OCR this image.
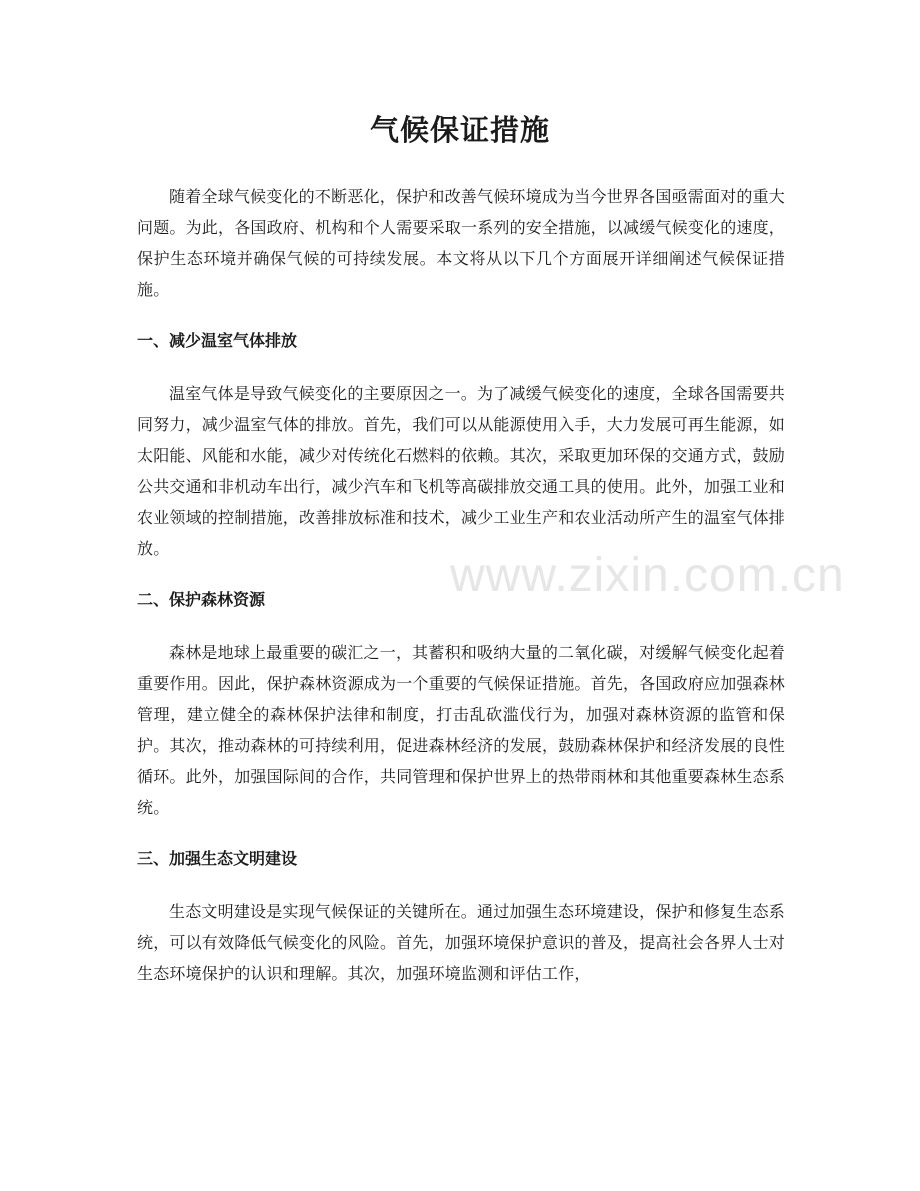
气候保证措施

随着全球气候变化的不断恶化，保护和改善气候环境成为当今世界各国亟需面对的重大问题。为此，各国政府、机构和个人需要采取一系列的安全措施，以减缓气候变化的速度，保护生态环境并确保气候的可持续发展。本文将从以下几个方面展开详细阐述气候保证措施。

一、减少温室气体排放

温室气体是导致气候变化的主要原因之一。为了减缓气候变化的速度，全球各国需要共同努力，减少温室气体的排放。首先，我们可以从能源使用入手，大力发展可再生能源，如太阳能、风能和水能，减少对传统化石燃料的依赖。其次，采取更加环保的交通方式，鼓励公共交通和非机动车出行，减少汽车和飞机等高碳排放交通工具的使用。此外，加强工业和农业领域的控制措施，改善排放标准和技术，减少工业生产和农业活动所产生的温室气体排放。

二、保护森林资源

森林是地球上最重要的碳汇之一，其蓄积和吸纳大量的二氧化碳，对缓解气候变化起着重要作用。因此，保护森林资源成为一个重要的气候保证措施。首先，各国政府应加强森林管理，建立健全的森林保护法律和制度，打击乱砍滥伐行为，加强对森林资源的监管和保护。其次，推动森林的可持续利用，促进森林经济的发展，鼓励森林保护和经济发展的良性循环。此外，加强国际间的合作，共同管理和保护世界上的热带雨林和其他重要森林生态系统。

三、加强生态文明建设

生态文明建设是实现气候保证的关键所在。通过加强生态环境建设，保护和修复生态系统，可以有效降低气候变化的风险。首先，加强环境保护意识的普及，提高社会各界人士对生态环境保护的认识和理解。其次，加强环境监测和评估工作，

www.zixin.com.cn
